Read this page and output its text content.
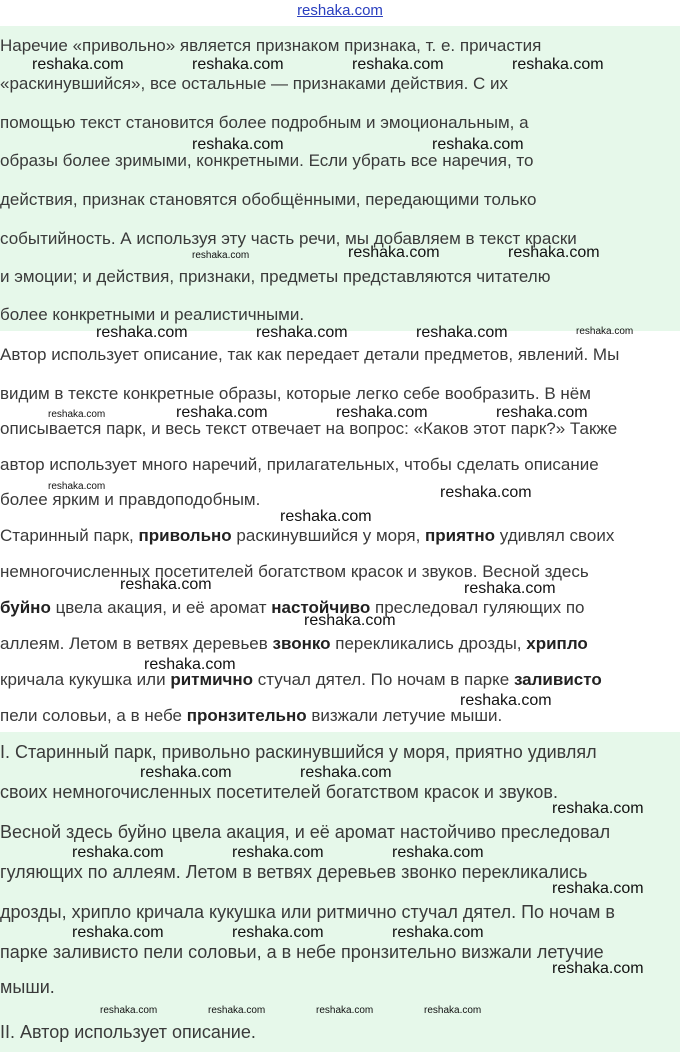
reshaka.com
Наречие «привольно» является признаком признака, т. е. причастия
«раскинувшийся», все остальные — признаками действия. С их
помощью текст становится более подробным и эмоциональным, а
образы более зримыми, конкретными. Если убрать все наречия, то
действия, признак становятся обобщёнными, передающими только
событийность. А используя эту часть речи, мы добавляем в текст краски
и эмоции; и действия, признаки, предметы представляются читателю
более конкретными и реалистичными.
Автор использует описание, так как передает детали предметов, явлений. Мы
видим в тексте конкретные образы, которые легко себе вообразить. В нём
описывается парк, и весь текст отвечает на вопрос: «Каков этот парк?» Также
автор использует много наречий, прилагательных, чтобы сделать описание
более ярким и правдоподобным.
Старинный парк, привольно раскинувшийся у моря, приятно удивлял своих
немногочисленных посетителей богатством красок и звуков. Весной здесь
буйно цвела акация, и её аромат настойчиво преследовал гуляющих по
аллеям. Летом в ветвях деревьев звонко перекликались дрозды, хрипло
кричала кукушка или ритмично стучал дятел. По ночам в парке заливисто
пели соловьи, а в небе пронзительно визжали летучие мыши.
I. Старинный парк, привольно раскинувшийся у моря, приятно удивлял
своих немногочисленных посетителей богатством красок и звуков.
Весной здесь буйно цвела акация, и её аромат настойчиво преследовал
гуляющих по аллеям. Летом в ветвях деревьев звонко перекликались
дрозды, хрипло кричала кукушка или ритмично стучал дятел. По ночам в
парке заливисто пели соловьи, а в небе пронзительно визжали летучие
мыши.
II. Автор использует описание.
reshaka.com	reshaka.com	reshaka.com	reshaka.com
reshaka.com	reshaka.com
reshaka.com	reshaka.com	reshaka.com
reshaka.com	reshaka.com	reshaka.com	reshaka.com
reshaka.com	reshaka.com	reshaka.com	reshaka.com
reshaka.com	reshaka.com
reshaka.com
reshaka.com	reshaka.com
reshaka.com
reshaka.com
reshaka.com
reshaka.com	reshaka.com
reshaka.com
reshaka.com	reshaka.com	reshaka.com
reshaka.com
reshaka.com	reshaka.com	reshaka.com
reshaka.com
reshaka.com	reshaka.com	reshaka.com	reshaka.com
